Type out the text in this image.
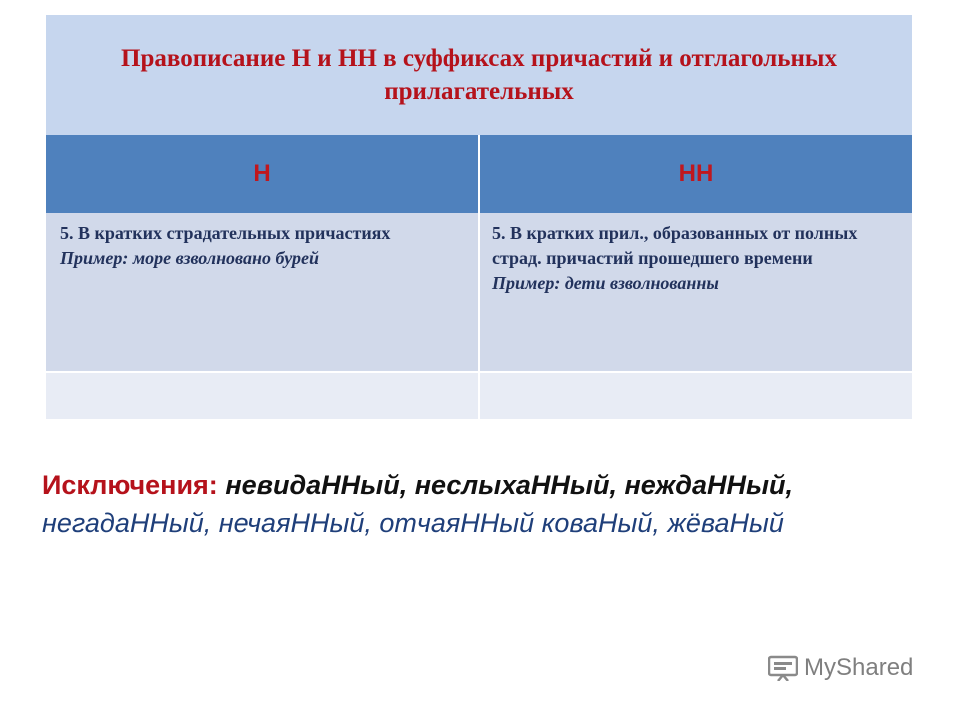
Правописание Н и НН в суффиксах причастий и отглагольных прилагательных
Н	НН
5. В кратких страдательных причастиях
Пример: море взволновано бурей
5. В кратких прил., образованных от полных страд. причастий прошедшего времени
Пример: дети взволнованны
Исключения: невидаННый, неслыхаННый, неждаННый, негадаННый, нечаяННый, отчаяННый коваНый, жёваНый
MyShared
